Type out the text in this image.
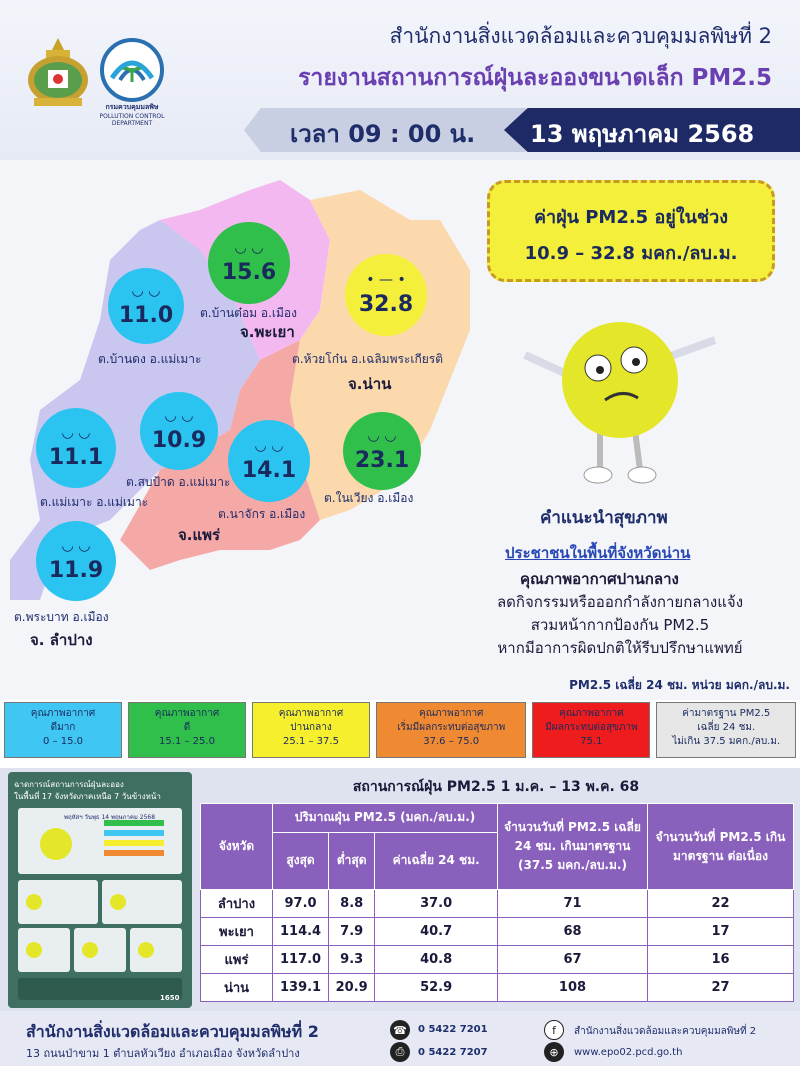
กรมควบคุมมลพิษ
POLLUTION CONTROL DEPARTMENT
สำนักงานสิ่งแวดล้อมและควบคุมมลพิษที่ 2
รายงานสถานการณ์ฝุ่นละอองขนาดเล็ก PM2.5
เวลา 09 : 00 น. 13 พฤษภาคม 2568
◡ ◡
11.0
ต.บ้านดง อ.แม่เมาะ
◡ ◡
15.6
ต.บ้านต๋อม อ.เมือง
จ.พะเยา
• — •
32.8
ต.ห้วยโก๋น อ.เฉลิมพระเกียรติ
จ.น่าน
◡ ◡
11.1
ต.แม่เมาะ อ.แม่เมาะ
◡ ◡
10.9
ต.สบป้าด อ.แม่เมาะ
◡ ◡
14.1
ต.นาจักร อ.เมือง
จ.แพร่
◡ ◡
23.1
ต.ในเวียง อ.เมือง
◡ ◡
11.9
ต.พระบาท อ.เมือง
จ. ลำปาง
ค่าฝุ่น PM2.5 อยู่ในช่วง
10.9 – 32.8 มคก./ลบ.ม.
คำแนะนำสุขภาพ
ประชาชนในพื้นที่จังหวัดน่าน
คุณภาพอากาศปานกลาง
ลดกิจกรรมหรือออกกำลังกายกลางแจ้ง
สวมหน้ากากป้องกัน PM2.5
หากมีอาการผิดปกติให้รีบปรึกษาแพทย์
PM2.5 เฉลี่ย 24 ชม. หน่วย มคก./ลบ.ม.
คุณภาพอากาศ
ดีมาก
0 – 15.0
คุณภาพอากาศ
ดี
15.1 – 25.0
คุณภาพอากาศ
ปานกลาง
25.1 – 37.5
คุณภาพอากาศ
เริ่มมีผลกระทบต่อสุขภาพ
37.6 – 75.0
คุณภาพอากาศ
มีผลกระทบต่อสุขภาพ
75.1
ค่ามาตรฐาน PM2.5
เฉลี่ย 24 ชม.
ไม่เกิน 37.5 มคก./ลบ.ม.
ฉาดการณ์สถานการณ์ฝุ่นละออง
ในพื้นที่ 17 จังหวัดภาคเหนือ 7 วันข้างหน้า
พฤหัสฯ วันพุธ 14 พฤษภาคม 2568
1650
สถานการณ์ฝุ่น PM2.5 1 ม.ค. – 13 พ.ค. 68
จังหวัด	ปริมาณฝุ่น PM2.5 (มคก./ลบ.ม.)			จำนวนวันที่ PM2.5 เฉลี่ย 24 ชม. เกินมาตรฐาน (37.5 มคก./ลบ.ม.)	จำนวนวันที่ PM2.5 เกินมาตรฐาน ต่อเนื่อง
	สูงสุด	ต่ำสุด	ค่าเฉลี่ย 24 ชม.		
ลำปาง	97.0	8.8	37.0	71	22
พะเยา	114.4	7.9	40.7	68	17
แพร่	117.0	9.3	40.8	67	16
น่าน	139.1	20.9	52.9	108	27
สำนักงานสิ่งแวดล้อมและควบคุมมลพิษที่ 2
13 ถนนป่าขาม 1 ตำบลหัวเวียง อำเภอเมือง จังหวัดลำปาง
☎	0 5422 7201
⎙	0 5422 7207
f	สำนักงานสิ่งแวดล้อมและควบคุมมลพิษที่ 2
⊕	www.epo02.pcd.go.th
